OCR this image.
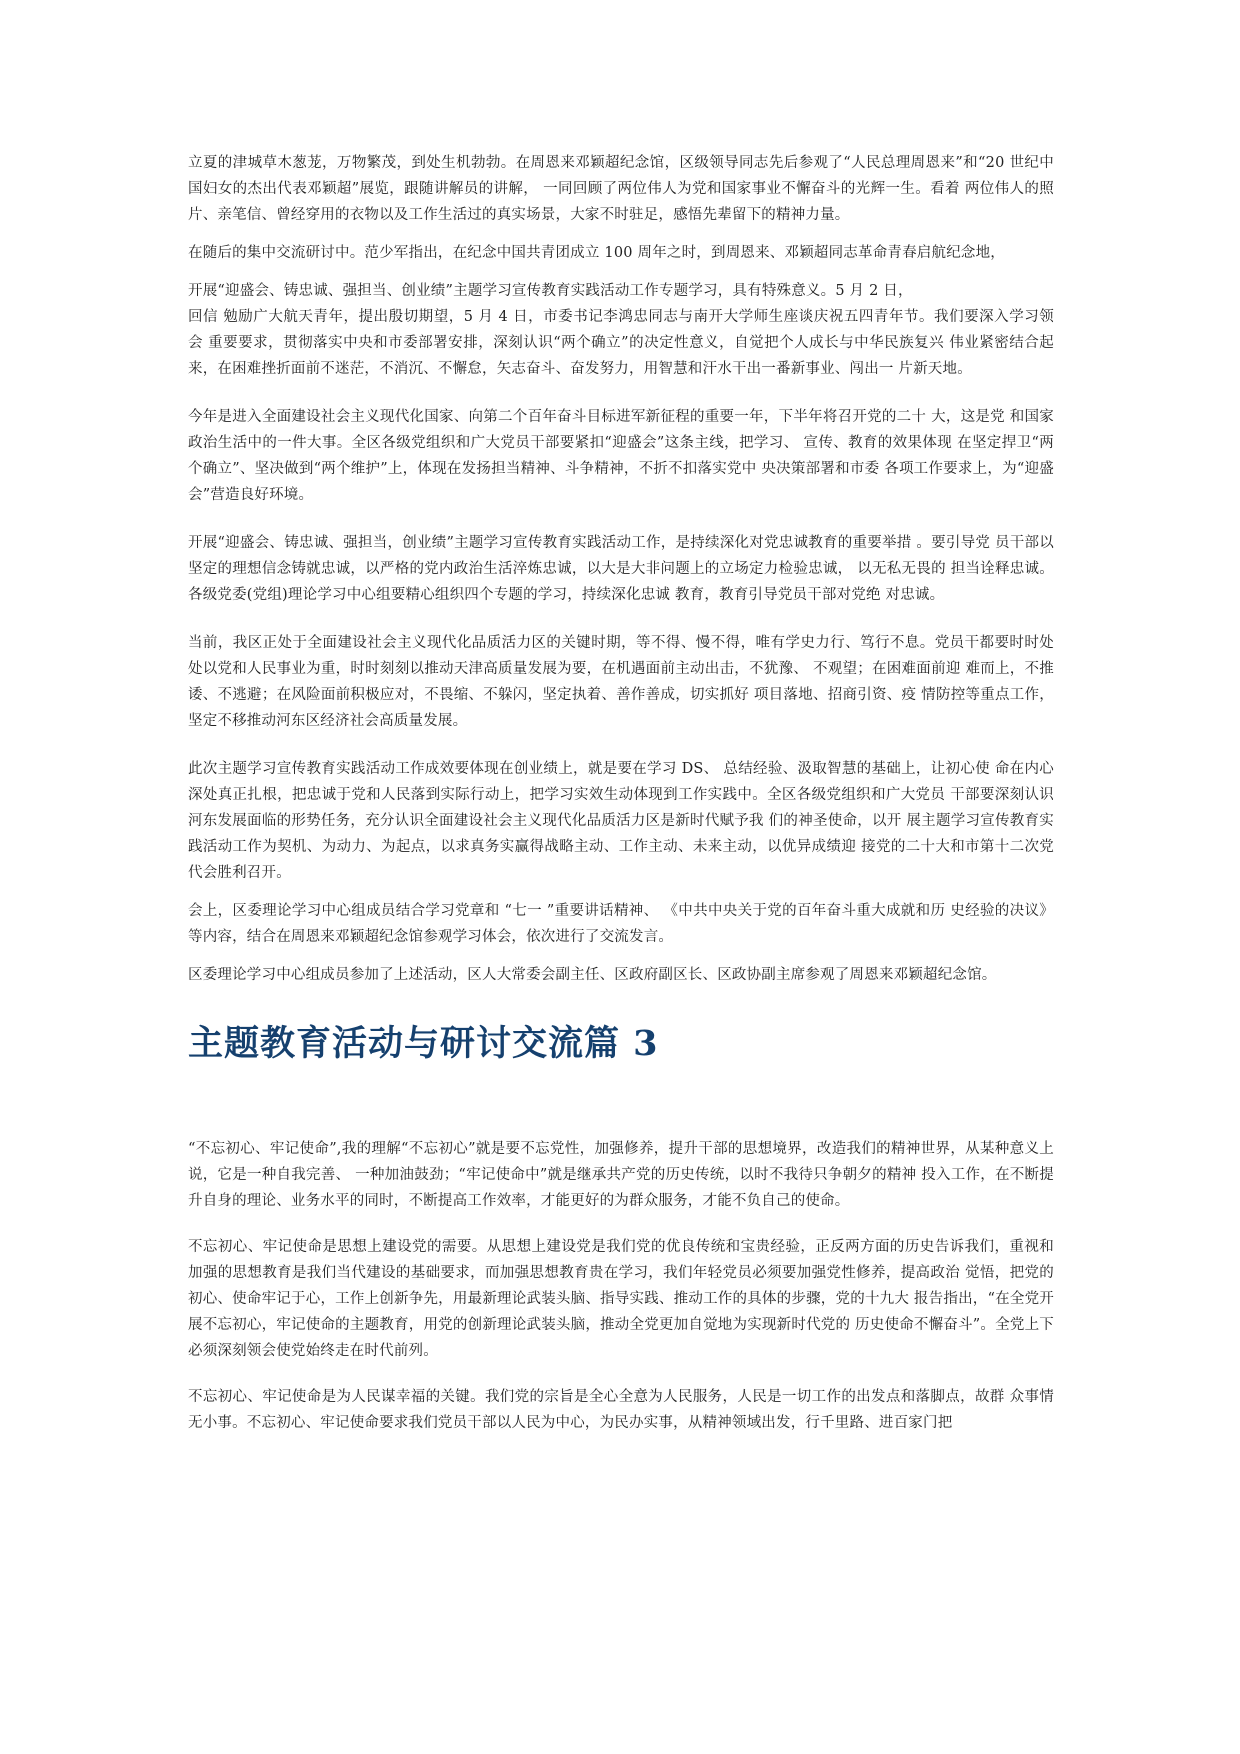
立夏的津城草木葱茏，万物繁茂，到处生机勃勃。在周恩来邓颖超纪念馆，区级领导同志先后参观了“人民总理周恩来”和“20 世纪中国妇女的杰出代表邓颖超”展览，跟随讲解员的讲解， 一同回顾了两位伟人为党和国家事业不懈奋斗的光辉一生。看着 两位伟人的照片、亲笔信、曾经穿用的衣物以及工作生活过的真实场景，大家不时驻足，感悟先辈留下的精神力量。

在随后的集中交流研讨中。范少军指出，在纪念中国共青团成立 100 周年之时，到周恩来、邓颖超同志革命青春启航纪念地，

开展“迎盛会、铸忠诚、强担当、创业绩”主题学习宣传教育实践活动工作专题学习，具有特殊意义。5 月 2 日，

回信 勉励广大航天青年，提出殷切期望，5 月 4 日，市委书记李鸿忠同志与南开大学师生座谈庆祝五四青年节。我们要深入学习领 会 重要要求，贯彻落实中央和市委部署安排，深刻认识“两个确立”的决定性意义，自觉把个人成长与中华民族复兴 伟业紧密结合起来，在困难挫折面前不迷茫，不消沉、不懈怠，矢志奋斗、奋发努力，用智慧和汗水干出一番新事业、闯出一 片新天地。

今年是进入全面建设社会主义现代化国家、向第二个百年奋斗目标进军新征程的重要一年，下半年将召开党的二十 大，这是党 和国家政治生活中的一件大事。全区各级党组织和广大党员干部要紧扣“迎盛会”这条主线，把学习、 宣传、教育的效果体现 在坚定捍卫“两个确立”、坚决做到“两个维护”上，体现在发扬担当精神、斗争精神，不折不扣落实党中 央决策部署和市委 各项工作要求上，为“迎盛会”营造良好环境。

开展“迎盛会、铸忠诚、强担当，创业绩”主题学习宣传教育实践活动工作，是持续深化对党忠诚教育的重要举措 。要引导党 员干部以坚定的理想信念铸就忠诚，以严格的党内政治生活淬炼忠诚，以大是大非问题上的立场定力检验忠诚， 以无私无畏的 担当诠释忠诚。各级党委(党组)理论学习中心组要精心组织四个专题的学习，持续深化忠诚 教育，教育引导党员干部对党绝 对忠诚。

当前，我区正处于全面建设社会主义现代化品质活力区的关键时期，等不得、慢不得，唯有学史力行、笃行不息。党员干都要时时处处以党和人民事业为重，时时刻刻以推动天津高质量发展为要，在机遇面前主动出击，不犹豫、 不观望；在困难面前迎 难而上，不推诿、不逃避；在风险面前积极应对，不畏缩、不躲闪，坚定执着、善作善成，切实抓好 项目落地、招商引资、疫 情防控等重点工作，坚定不移推动河东区经济社会高质量发展。

此次主题学习宣传教育实践活动工作成效要体现在创业绩上，就是要在学习 DS、 总结经验、汲取智慧的基础上，让初心使 命在内心深处真正扎根，把忠诚于党和人民落到实际行动上，把学习实效生动体现到工作实践中。全区各级党组织和广大党员 干部要深刻认识河东发展面临的形势任务，充分认识全面建设社会主义现代化品质活力区是新时代赋予我 们的神圣使命，以开 展主题学习宣传教育实践活动工作为契机、为动力、为起点，以求真务实赢得战略主动、工作主动、未来主动，以优异成绩迎 接党的二十大和市第十二次党代会胜利召开。

会上，区委理论学习中心组成员结合学习党章和 “七一 ”重要讲话精神、 《中共中央关于党的百年奋斗重大成就和历 史经验的决议》等内容，结合在周恩来邓颖超纪念馆参观学习体会，依次进行了交流发言。

区委理论学习中心组成员参加了上述活动，区人大常委会副主任、区政府副区长、区政协副主席参观了周恩来邓颖超纪念馆。

主题教育活动与研讨交流篇 3

“不忘初心、牢记使命”,我的理解“不忘初心”就是要不忘党性，加强修养，提升干部的思想境界，改造我们的精神世界，从某种意义上说，它是一种自我完善、 一种加油鼓劲；“牢记使命中”就是继承共产党的历史传统，以时不我待只争朝夕的精神 投入工作，在不断提升自身的理论、业务水平的同时，不断提高工作效率，才能更好的为群众服务，才能不负自己的使命。

不忘初心、牢记使命是思想上建设党的需要。从思想上建设党是我们党的优良传统和宝贵经验，正反两方面的历史告诉我们，重视和加强的思想教育是我们当代建设的基础要求，而加强思想教育贵在学习，我们年轻党员必须要加强党性修养，提高政治 觉悟，把党的初心、使命牢记于心，工作上创新争先，用最新理论武装头脑、指导实践、推动工作的具体的步骤，党的十九大 报告指出，“在全党开展不忘初心，牢记使命的主题教育，用党的创新理论武装头脑，推动全党更加自觉地为实现新时代党的 历史使命不懈奋斗”。全党上下必须深刻领会使党始终走在时代前列。

不忘初心、牢记使命是为人民谋幸福的关键。我们党的宗旨是全心全意为人民服务，人民是一切工作的出发点和落脚点，故群 众事情无小事。不忘初心、牢记使命要求我们党员干部以人民为中心，为民办实事，从精神领域出发，行千里路、进百家门把
